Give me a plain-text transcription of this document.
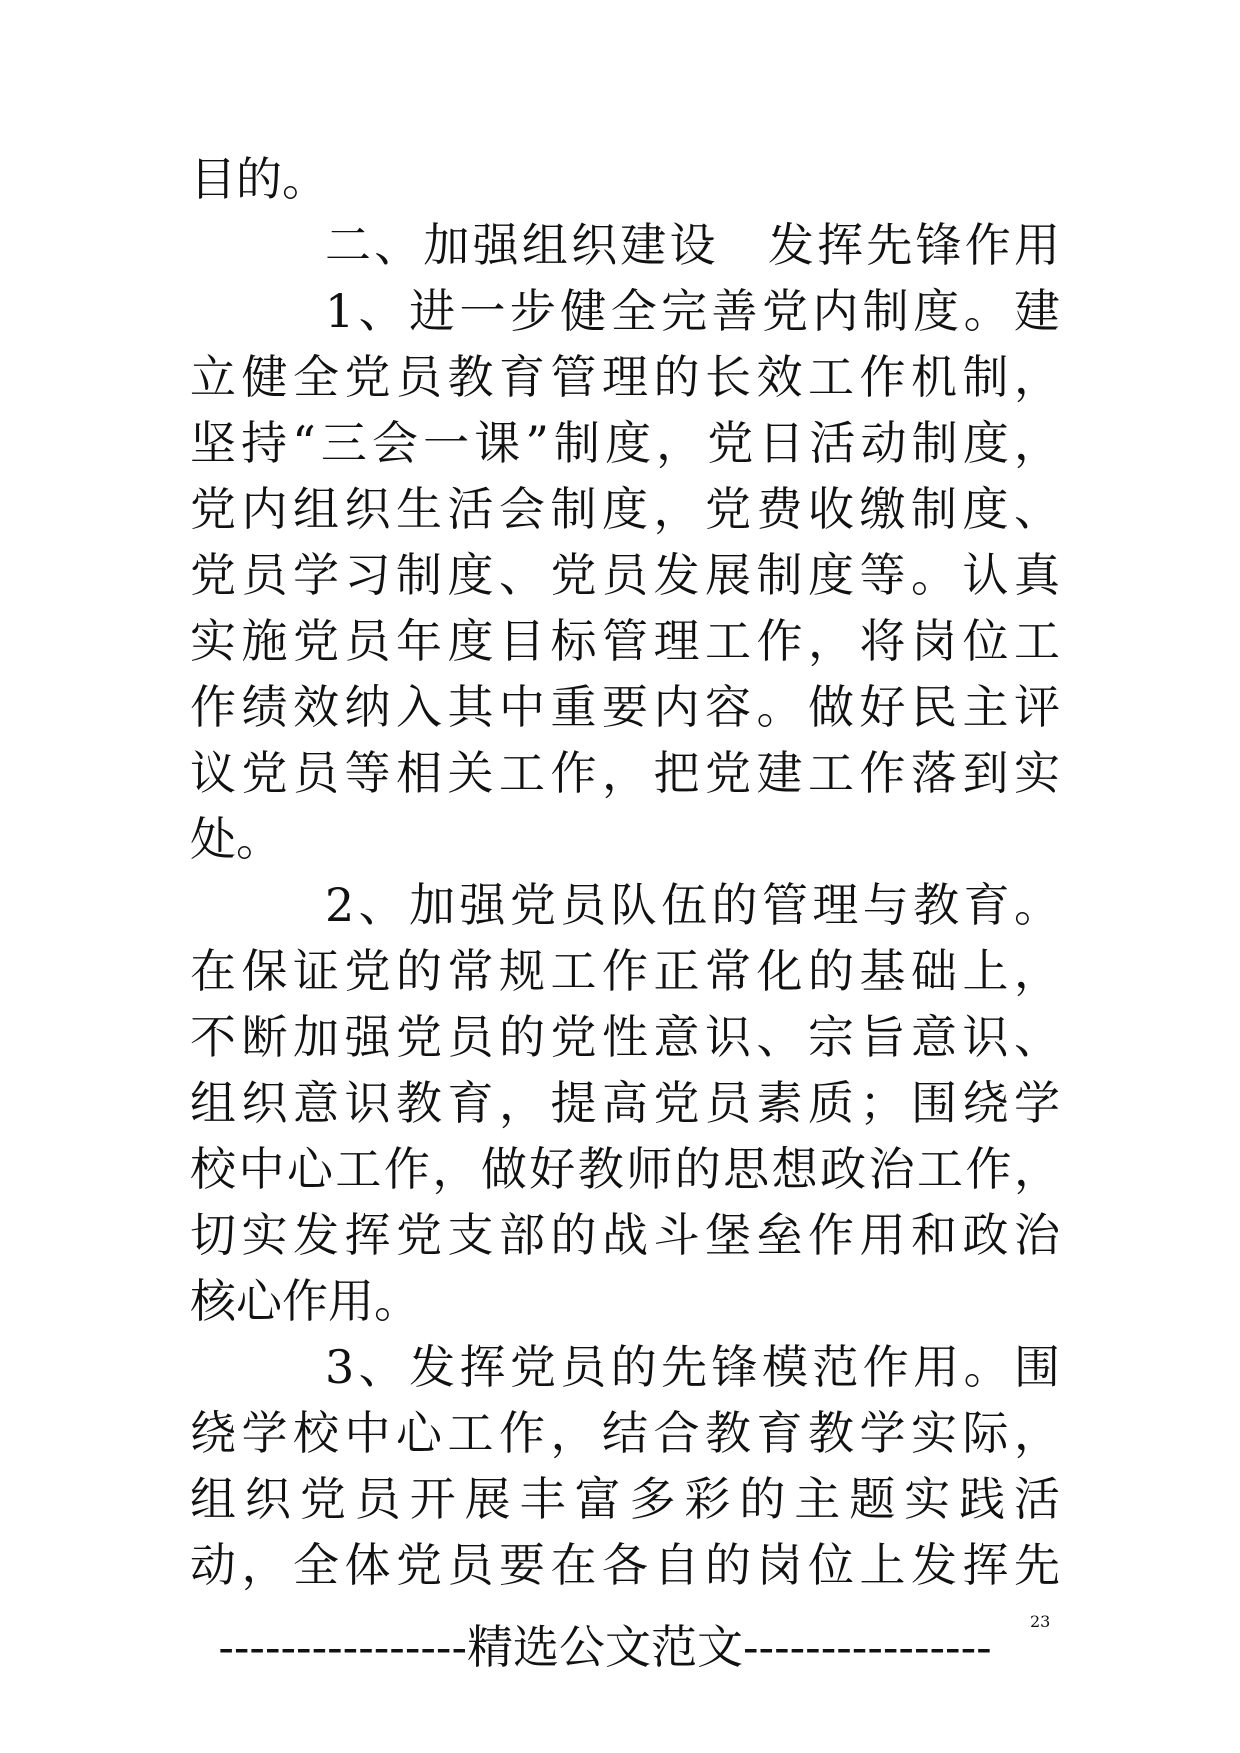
目的。
二、加强组织建设　发挥先锋作用
1、进一步健全完善党内制度。建
立健全党员教育管理的长效工作机制，
坚持“三会一课”制度，党日活动制度，
党内组织生活会制度，党费收缴制度、
党员学习制度、党员发展制度等。认真
实施党员年度目标管理工作，将岗位工
作绩效纳入其中重要内容。做好民主评
议党员等相关工作，把党建工作落到实
处。
2、加强党员队伍的管理与教育。
在保证党的常规工作正常化的基础上，
不断加强党员的党性意识、宗旨意识、
组织意识教育，提高党员素质；围绕学
校中心工作，做好教师的思想政治工作，
切实发挥党支部的战斗堡垒作用和政治
核心作用。
3、发挥党员的先锋模范作用。围
绕学校中心工作，结合教育教学实际，
组织党员开展丰富多彩的主题实践活
动，全体党员要在各自的岗位上发挥先
----------------精选公文范文----------------	23
